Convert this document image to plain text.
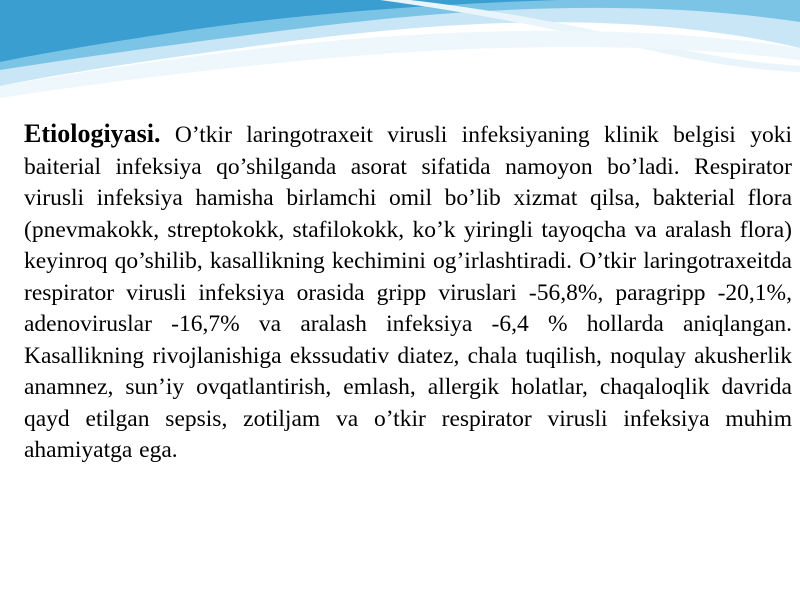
Etiologiyasi. O’tkir laringotraxeit virusli infeksiyaning klinik belgisi yoki baiterial infeksiya qo’shilganda asorat sifatida namoyon bo’ladi. Respirator virusli infeksiya hamisha birlamchi omil bo’lib xizmat qilsa, bakterial flora (pnevmakokk, streptokokk, stafilokokk, ko’k yiringli tayoqcha va aralash flora) keyinroq qo’shilib, kasallikning kechimini og’irlashtiradi. O’tkir laringotraxeitda respirator virusli infeksiya orasida gripp viruslari -56,8%, paragripp -20,1%, adenoviruslar -16,7% va aralash infeksiya -6,4 % hollarda aniqlangan. Kasallikning rivojlanishiga ekssudativ diatez, chala tuqilish, noqulay akusherlik anamnez, sun’iy ovqatlantirish, emlash, allergik holatlar, chaqaloqlik davrida qayd etilgan sepsis, zotiljam va o’tkir respirator virusli infeksiya muhim ahamiyatga ega.
